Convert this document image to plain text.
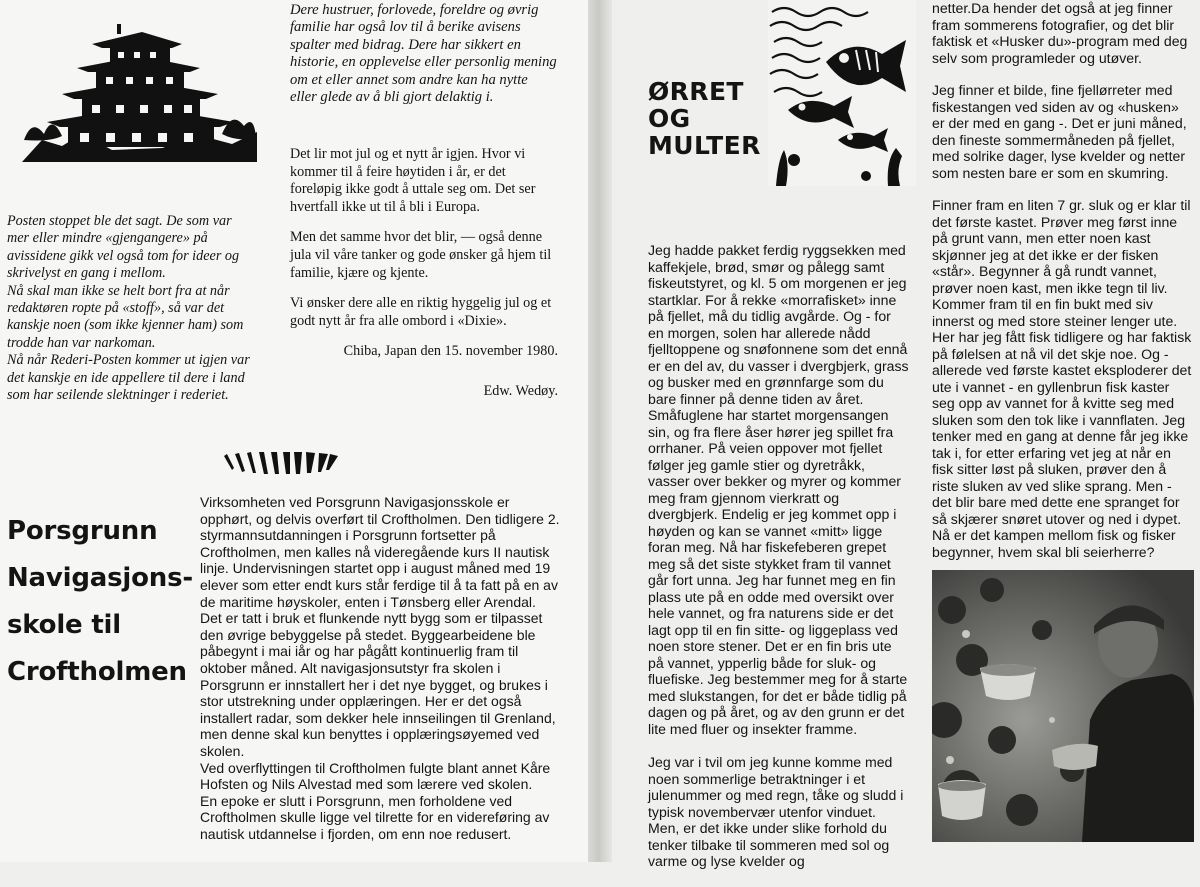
Dere hustruer, forlovede, foreldre og øvrig familie har også lov til å berike avisens spalter med bidrag. Dere har sikkert en historie, en opplevelse eller personlig mening om et eller annet som andre kan ha nytte eller glede av å bli gjort delaktig i.

Det lir mot jul og et nytt år igjen. Hvor vi kommer til å feire høytiden i år, er det foreløpig ikke godt å uttale seg om. Det ser hvertfall ikke ut til å bli i Europa.

Men det samme hvor det blir, — også denne jula vil våre tanker og gode ønsker gå hjem til familie, kjære og kjente.

Vi ønsker dere alle en riktig hyggelig jul og et godt nytt år fra alle ombord i «Dixie».

Chiba, Japan den 15. november 1980.

Edw. Wedøy.

Posten stoppet ble det sagt. De som var mer eller mindre «gjengangere» på avissidene gikk vel også tom for ideer og skrivelyst en gang i mellom.

Nå skal man ikke se helt bort fra at når redaktøren ropte på «stoff», så var det kanskje noen (som ikke kjenner ham) som trodde han var narkoman.

Nå når Rederi-Posten kommer ut igjen var det kanskje en ide appellere til dere i land som har seilende slektninger i rederiet.

Porsgrunn
Navigasjons-
skole til
Croftholmen

Virksomheten ved Porsgrunn Navigasjonsskole er opphørt, og delvis overført til Croftholmen. Den tidligere 2. styrmannsutdanningen i Porsgrunn fortsetter på Croftholmen, men kalles nå videregående kurs II nautisk linje. Undervisningen startet opp i august måned med 19 elever som etter endt kurs står ferdige til å ta fatt på en av de maritime høyskoler, enten i Tønsberg eller Arendal.

Det er tatt i bruk et flunkende nytt bygg som er tilpasset den øvrige bebyggelse på stedet. Byggearbeidene ble påbegynt i mai iår og har pågått kontinuerlig fram til oktober måned. Alt navigasjonsutstyr fra skolen i Porsgrunn er innstallert her i det nye bygget, og brukes i stor utstrekning under opplæringen. Her er det også installert radar, som dekker hele innseilingen til Grenland, men denne skal kun benyttes i opplæringsøyemed ved skolen.

Ved overflyttingen til Croftholmen fulgte blant annet Kåre Hofsten og Nils Alvestad med som lærere ved skolen.

En epoke er slutt i Porsgrunn, men forholdene ved Croftholmen skulle ligge vel tilrette for en videreføring av nautisk utdannelse i fjorden, om enn noe redusert.

ØRRET
OG
MULTER

Jeg hadde pakket ferdig ryggsekken med kaffekjele, brød, smør og pålegg samt fiskeutstyret, og kl. 5 om morgenen er jeg startklar. For å rekke «morrafisket» inne på fjellet, må du tidlig avgårde. Og - for en morgen, solen har allerede nådd fjelltoppene og snøfonnene som det ennå er en del av, du vasser i dvergbjerk, grass og busker med en grønnfarge som du bare finner på denne tiden av året. Småfuglene har startet morgensangen sin, og fra flere åser hører jeg spillet fra orrhaner. På veien oppover mot fjellet følger jeg gamle stier og dyretråkk, vasser over bekker og myrer og kommer meg fram gjennom vierkratt og dvergbjerk. Endelig er jeg kommet opp i høyden og kan se vannet «mitt» ligge foran meg. Nå har fiskefeberen grepet meg så det siste stykket fram til vannet går fort unna. Jeg har funnet meg en fin plass ute på en odde med oversikt over hele vannet, og fra naturens side er det lagt opp til en fin sitte- og liggeplass ved noen store stener. Det er en fin bris ute på vannet, ypperlig både for sluk- og fluefiske. Jeg bestemmer meg for å starte med slukstangen, for det er både tidlig på dagen og på året, og av den grunn er det lite med fluer og insekter framme.

Jeg var i tvil om jeg kunne komme med noen sommerlige betraktninger i et julenummer og med regn, tåke og sludd i typisk novembervær utenfor vinduet. Men, er det ikke under slike forhold du tenker tilbake til sommeren med sol og varme og lyse kvelder og

netter.Da hender det også at jeg finner fram sommerens fotografier, og det blir faktisk et «Husker du»-program med deg selv som programleder og utøver.

Jeg finner et bilde, fine fjellørreter med fiskestangen ved siden av og «husken» er der med en gang -. Det er juni måned, den fineste sommermåneden på fjellet, med solrike dager, lyse kvelder og netter som nesten bare er som en skumring.

Finner fram en liten 7 gr. sluk og er klar til det første kastet. Prøver meg først inne på grunt vann, men etter noen kast skjønner jeg at det ikke er der fisken «står». Begynner å gå rundt vannet, prøver noen kast, men ikke tegn til liv. Kommer fram til en fin bukt med siv innerst og med store steiner lenger ute. Her har jeg fått fisk tidligere og har faktisk på følelsen at nå vil det skje noe. Og - allerede ved første kastet eksploderer det ute i vannet - en gyllenbrun fisk kaster seg opp av vannet for å kvitte seg med sluken som den tok like i vannflaten. Jeg tenker med en gang at denne får jeg ikke tak i, for etter erfaring vet jeg at når en fisk sitter løst på sluken, prøver den å riste sluken av ved slike sprang. Men - det blir bare med dette ene spranget for så skjærer snøret utover og ned i dypet. Nå er det kampen mellom fisk og fisker begynner, hvem skal bli seierherre?
